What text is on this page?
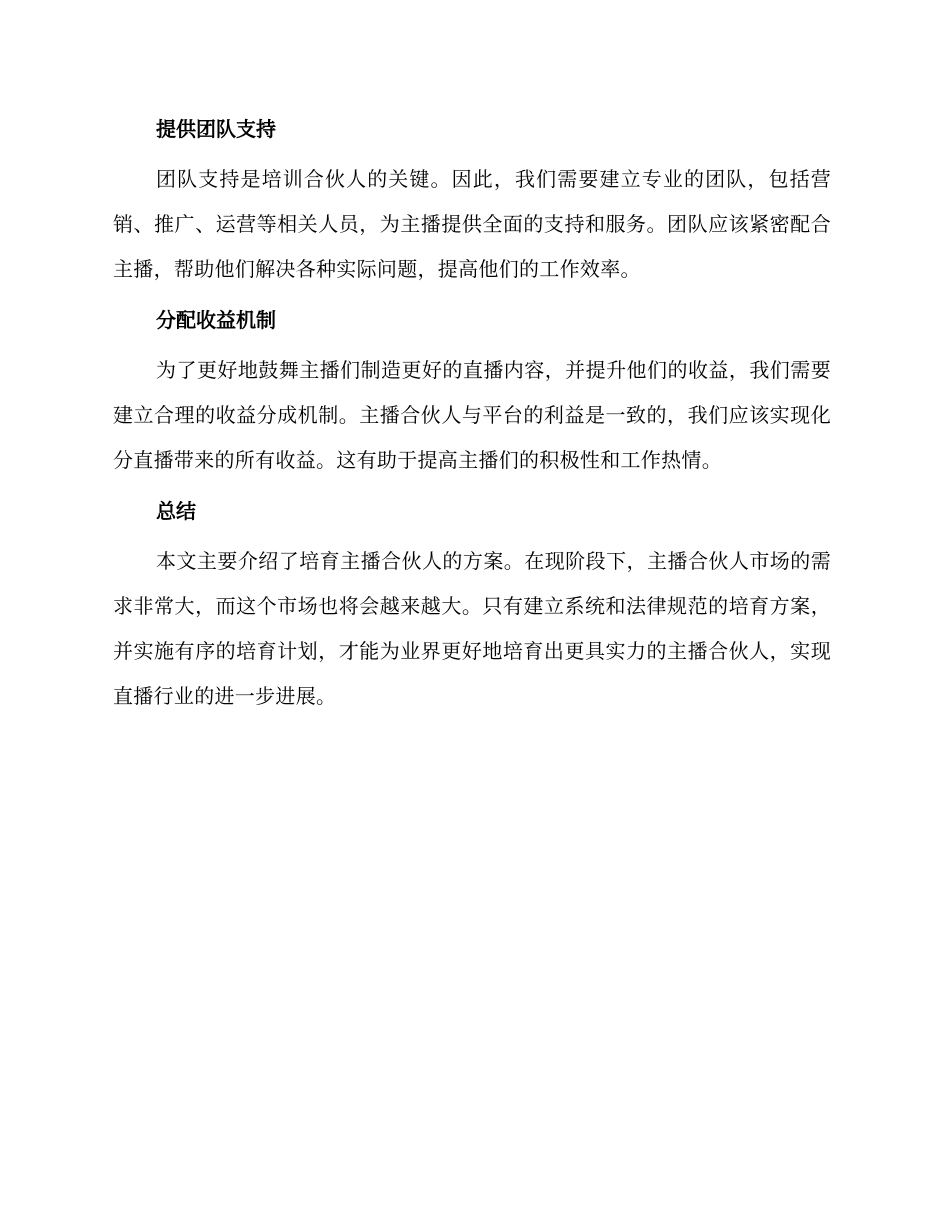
提供团队支持
团队支持是培训合伙人的关键。因此，我们需要建立专业的团队，包括营销、推广、运营等相关人员，为主播提供全面的支持和服务。团队应该紧密配合主播，帮助他们解决各种实际问题，提高他们的工作效率。
分配收益机制
为了更好地鼓舞主播们制造更好的直播内容，并提升他们的收益，我们需要建立合理的收益分成机制。主播合伙人与平台的利益是一致的，我们应该实现化分直播带来的所有收益。这有助于提高主播们的积极性和工作热情。
总结
本文主要介绍了培育主播合伙人的方案。在现阶段下，主播合伙人市场的需求非常大，而这个市场也将会越来越大。只有建立系统和法律规范的培育方案，并实施有序的培育计划，才能为业界更好地培育出更具实力的主播合伙人，实现直播行业的进一步进展。
